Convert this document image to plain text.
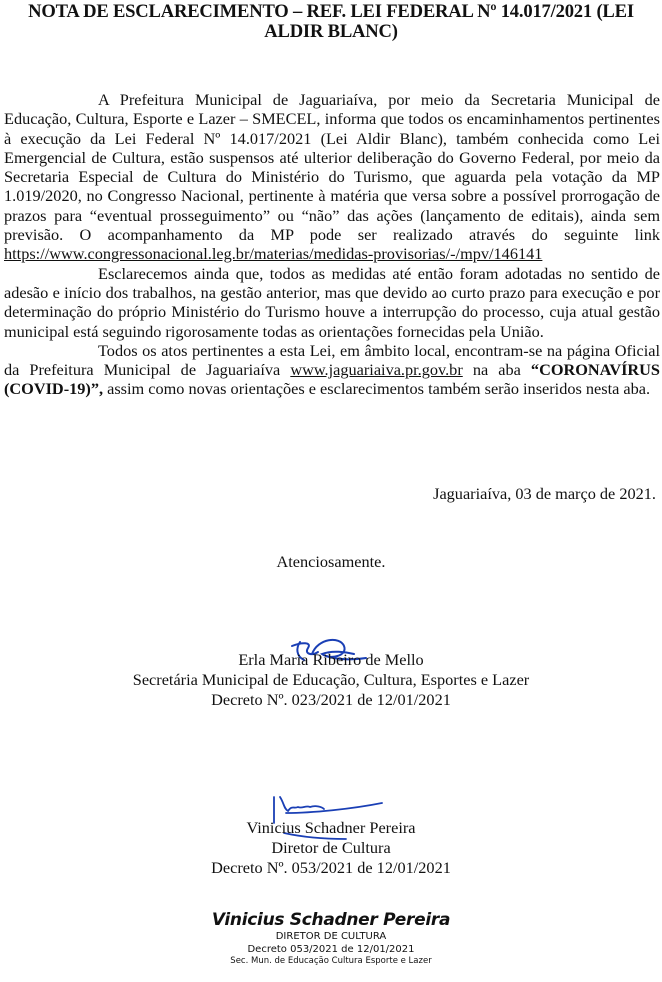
NOTA DE ESCLARECIMENTO – REF. LEI FEDERAL Nº 14.017/2021 (LEI ALDIR BLANC)

A Prefeitura Municipal de Jaguariaíva, por meio da Secretaria Municipal de Educação, Cultura, Esporte e Lazer – SMECEL, informa que todos os encaminhamentos pertinentes à execução da Lei Federal Nº 14.017/2021 (Lei Aldir Blanc), também conhecida como Lei Emergencial de Cultura, estão suspensos até ulterior deliberação do Governo Federal, por meio da Secretaria Especial de Cultura do Ministério do Turismo, que aguarda pela votação da MP 1.019/2020, no Congresso Nacional, pertinente à matéria que versa sobre a possível prorrogação de prazos para “eventual prosseguimento” ou “não” das ações (lançamento de editais), ainda sem previsão. O acompanhamento da MP pode ser realizado através do seguinte link https://www.congressonacional.leg.br/materias/medidas-provisorias/-/mpv/146141

Esclarecemos ainda que, todos as medidas até então foram adotadas no sentido de adesão e início dos trabalhos, na gestão anterior, mas que devido ao curto prazo para execução e por determinação do próprio Ministério do Turismo houve a interrupção do processo, cuja atual gestão municipal está seguindo rigorosamente todas as orientações fornecidas pela União.

Todos os atos pertinentes a esta Lei, em âmbito local, encontram-se na página Oficial da Prefeitura Municipal de Jaguariaíva www.jaguariaiva.pr.gov.br na aba “CORONAVÍRUS (COVID-19)”, assim como novas orientações e esclarecimentos também serão inseridos nesta aba.

Jaguariaíva, 03 de março de 2021.
Atenciosamente.
Erla Maria Ribeiro de Mello
Secretária Municipal de Educação, Cultura, Esportes e Lazer
Decreto Nº. 023/2021 de 12/01/2021
Vinicius Schadner Pereira
Diretor de Cultura
Decreto Nº. 053/2021 de 12/01/2021
Vinicius Schadner Pereira
DIRETOR DE CULTURA
Decreto 053/2021 de 12/01/2021
Sec. Mun. de Educação Cultura Esporte e Lazer
